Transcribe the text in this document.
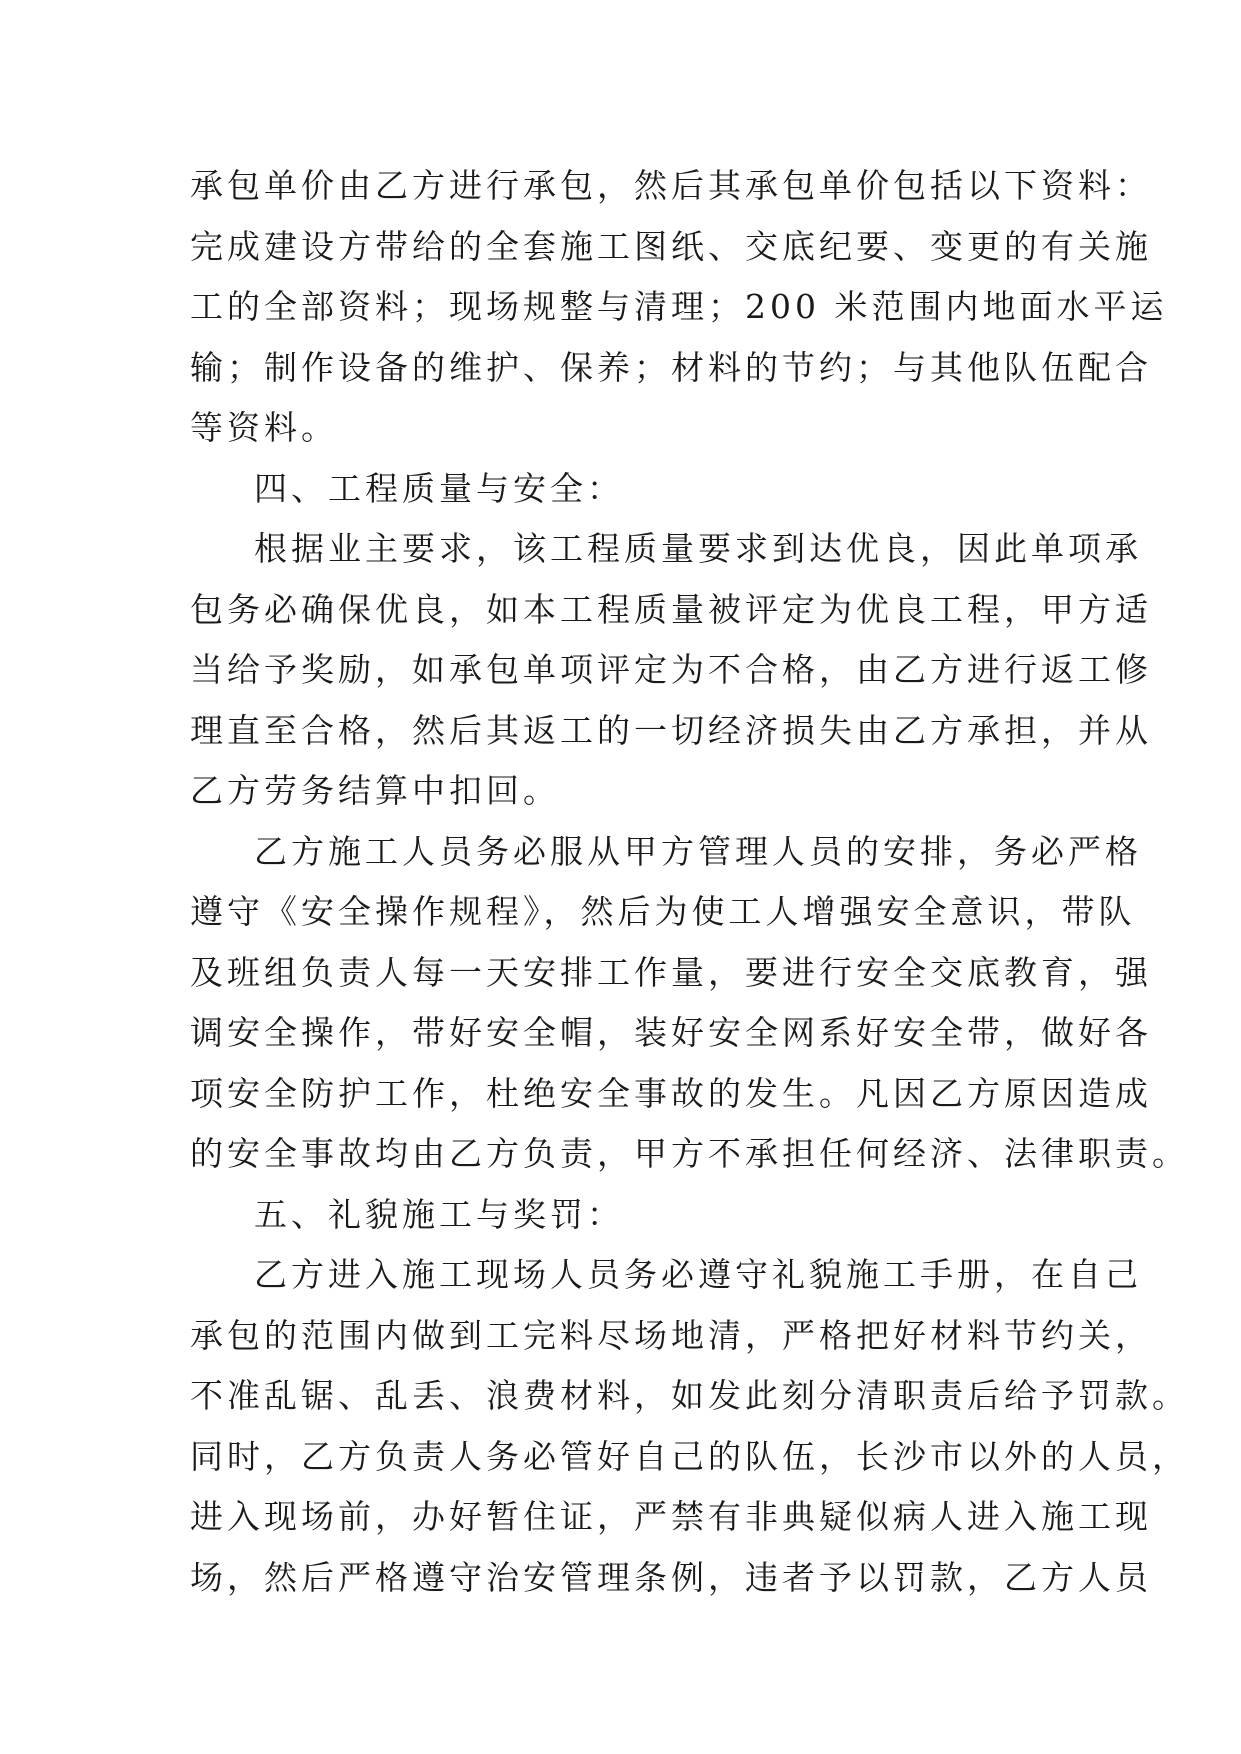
承包单价由乙方进行承包，然后其承包单价包括以下资料：
完成建设方带给的全套施工图纸、交底纪要、变更的有关施
工的全部资料；现场规整与清理；200 米范围内地面水平运
输；制作设备的维护、保养；材料的节约；与其他队伍配合
等资料。
四、工程质量与安全：
根据业主要求，该工程质量要求到达优良，因此单项承
包务必确保优良，如本工程质量被评定为优良工程，甲方适
当给予奖励，如承包单项评定为不合格，由乙方进行返工修
理直至合格，然后其返工的一切经济损失由乙方承担，并从
乙方劳务结算中扣回。
乙方施工人员务必服从甲方管理人员的安排，务必严格
遵守《安全操作规程》，然后为使工人增强安全意识，带队
及班组负责人每一天安排工作量，要进行安全交底教育，强
调安全操作，带好安全帽，装好安全网系好安全带，做好各
项安全防护工作，杜绝安全事故的发生。凡因乙方原因造成
的安全事故均由乙方负责，甲方不承担任何经济、法律职责。
五、礼貌施工与奖罚：
乙方进入施工现场人员务必遵守礼貌施工手册，在自己
承包的范围内做到工完料尽场地清，严格把好材料节约关，
不准乱锯、乱丢、浪费材料，如发此刻分清职责后给予罚款。
同时，乙方负责人务必管好自己的队伍，长沙市以外的人员，
进入现场前，办好暂住证，严禁有非典疑似病人进入施工现
场，然后严格遵守治安管理条例，违者予以罚款，乙方人员
